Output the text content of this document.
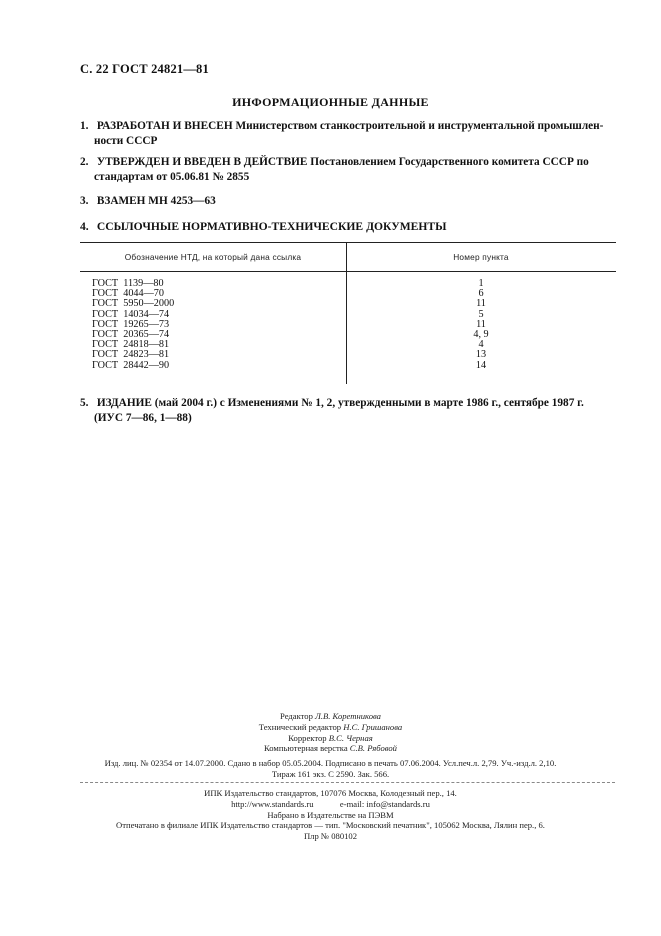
С. 22 ГОСТ 24821—81
ИНФОРМАЦИОННЫЕ ДАННЫЕ
1. РАЗРАБОТАН И ВНЕСЕН Министерством станкостроительной и инструментальной промышлен-
ности СССР
2. УТВЕРЖДЕН И ВВЕДЕН В ДЕЙСТВИЕ Постановлением Государственного комитета СССР по
стандартам от 05.06.81 № 2855
3. ВЗАМЕН МН 4253—63
4. ССЫЛОЧНЫЕ НОРМАТИВНО-ТЕХНИЧЕСКИЕ ДОКУМЕНТЫ
Обозначение НТД, на который дана ссылка	Номер пункта
ГОСТ  1139—80	1
ГОСТ  4044—70	6
ГОСТ  5950—2000	11
ГОСТ  14034—74	5
ГОСТ  19265—73	11
ГОСТ  20365—74	4, 9
ГОСТ  24818—81	4
ГОСТ  24823—81	13
ГОСТ  28442—90	14
5. ИЗДАНИЕ (май 2004 г.) с Изменениями № 1, 2, утвержденными в марте 1986 г., сентябре 1987 г.
(ИУС 7—86, 1—88)
Редактор Л.В. Коретникова
Технический редактор Н.С. Гришанова
Корректор В.С. Черная
Компьютерная верстка С.В. Рябовой
Изд. лиц. № 02354 от 14.07.2000. Сдано в набор 05.05.2004. Подписано в печать 07.06.2004. Усл.печ.л. 2,79. Уч.-изд.л. 2,10.
Тираж 161 экз. С 2590. Зак. 566.
ИПК Издательство стандартов, 107076 Москва, Колодезный пер., 14.
http://www.standards.ru	e-mail: info@standards.ru
Набрано в Издательстве на ПЭВМ
Отпечатано в филиале ИПК Издательство стандартов — тип. "Московский печатник", 105062 Москва, Лялин пер., 6.
Плр № 080102
